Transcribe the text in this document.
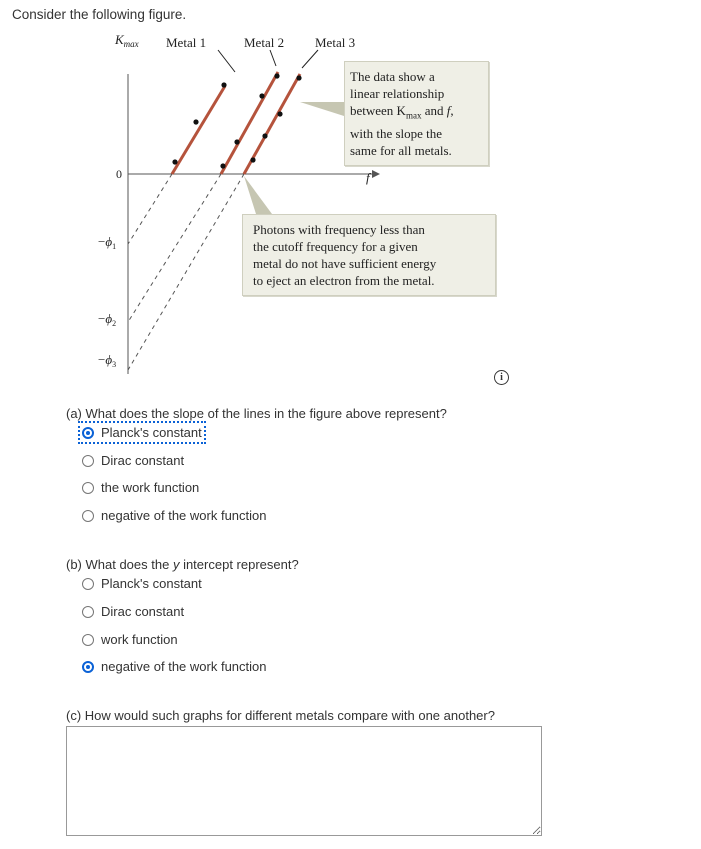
Consider the following figure.
$K_{max}$ Metal 1	Metal 2 Metal 3
0
$-\phi_1$
$-\phi_2$
$-\phi_3$
f
The data show a
linear relationship
between $K_{max}$ and f,
with the slope the
same for all metals.
Photons with frequency less than
the cutoff frequency for a given
metal do not have sufficient energy
to eject an electron from the metal.
i
(a) What does the slope of the lines in the figure above represent?
Planck's constant
Dirac constant
the work function
negative of the work function
(b) What does the y intercept represent?
Planck's constant
Dirac constant
work function
negative of the work function
(c) How would such graphs for different metals compare with one another?
